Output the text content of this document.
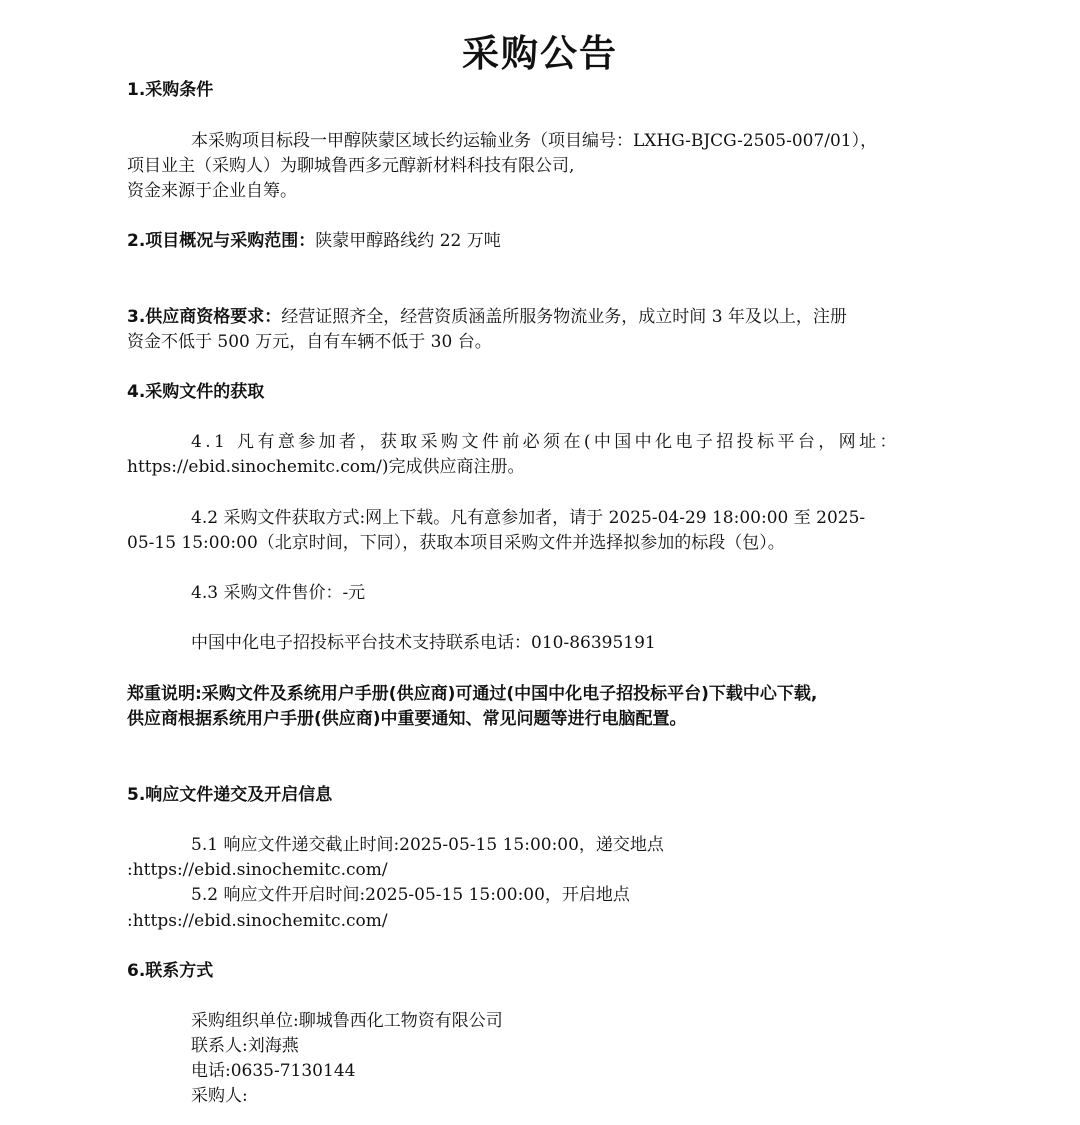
采购公告
1.采购条件
本采购项目标段一甲醇陕蒙区域长约运输业务（项目编号：LXHG-BJCG-2505-007/01），
项目业主（采购人）为聊城鲁西多元醇新材料科技有限公司,
资金来源于企业自筹。
2.项目概况与采购范围：陕蒙甲醇路线约 22 万吨
3.供应商资格要求：经营证照齐全，经营资质涵盖所服务物流业务，成立时间 3 年及以上，注册
资金不低于 500 万元，自有车辆不低于 30 台。
4.采购文件的获取
4.1 凡有意参加者，获取采购文件前必须在(中国中化电子招投标平台，网址：
https://ebid.sinochemitc.com/)完成供应商注册。
4.2 采购文件获取方式:网上下载。凡有意参加者，请于 2025-04-29 18:00:00 至 2025-
05-15 15:00:00（北京时间，下同），获取本项目采购文件并选择拟参加的标段（包）。
4.3 采购文件售价：-元
中国中化电子招投标平台技术支持联系电话：010-86395191
郑重说明:采购文件及系统用户手册(供应商)可通过(中国中化电子招投标平台)下载中心下载,
供应商根据系统用户手册(供应商)中重要通知、常见问题等进行电脑配置。
5.响应文件递交及开启信息
5.1 响应文件递交截止时间:2025-05-15 15:00:00，递交地点
:https://ebid.sinochemitc.com/
5.2 响应文件开启时间:2025-05-15 15:00:00，开启地点
:https://ebid.sinochemitc.com/
6.联系方式
采购组织单位:聊城鲁西化工物资有限公司
联系人:刘海燕
电话:0635-7130144
采购人:
